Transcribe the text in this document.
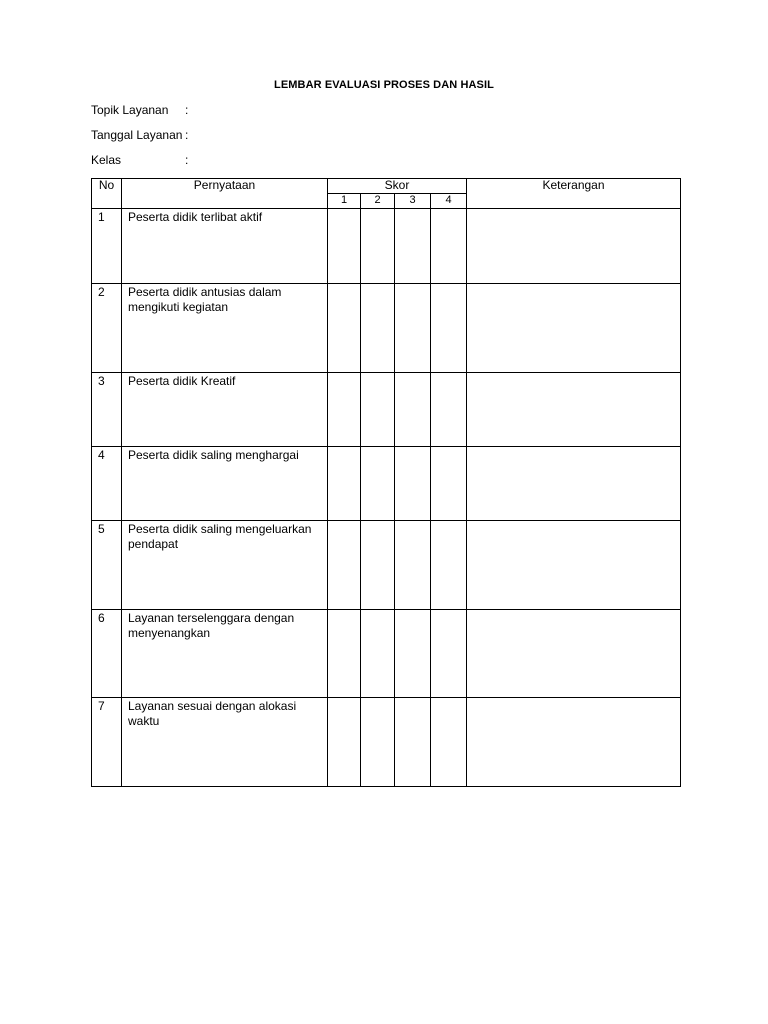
LEMBAR EVALUASI PROSES DAN HASIL
Topik Layanan :
Tanggal Layanan :
Kelas	:
No	Pernyataan	Skor				Keterangan
		1	2	3	4	
1	Peserta didik terlibat aktif					
2	Peserta didik antusias dalam mengikuti kegiatan					
3	Peserta didik Kreatif					
4	Peserta didik saling menghargai					
5	Peserta didik saling mengeluarkan pendapat					
6	Layanan terselenggara dengan menyenangkan					
7	Layanan sesuai dengan alokasi waktu					
